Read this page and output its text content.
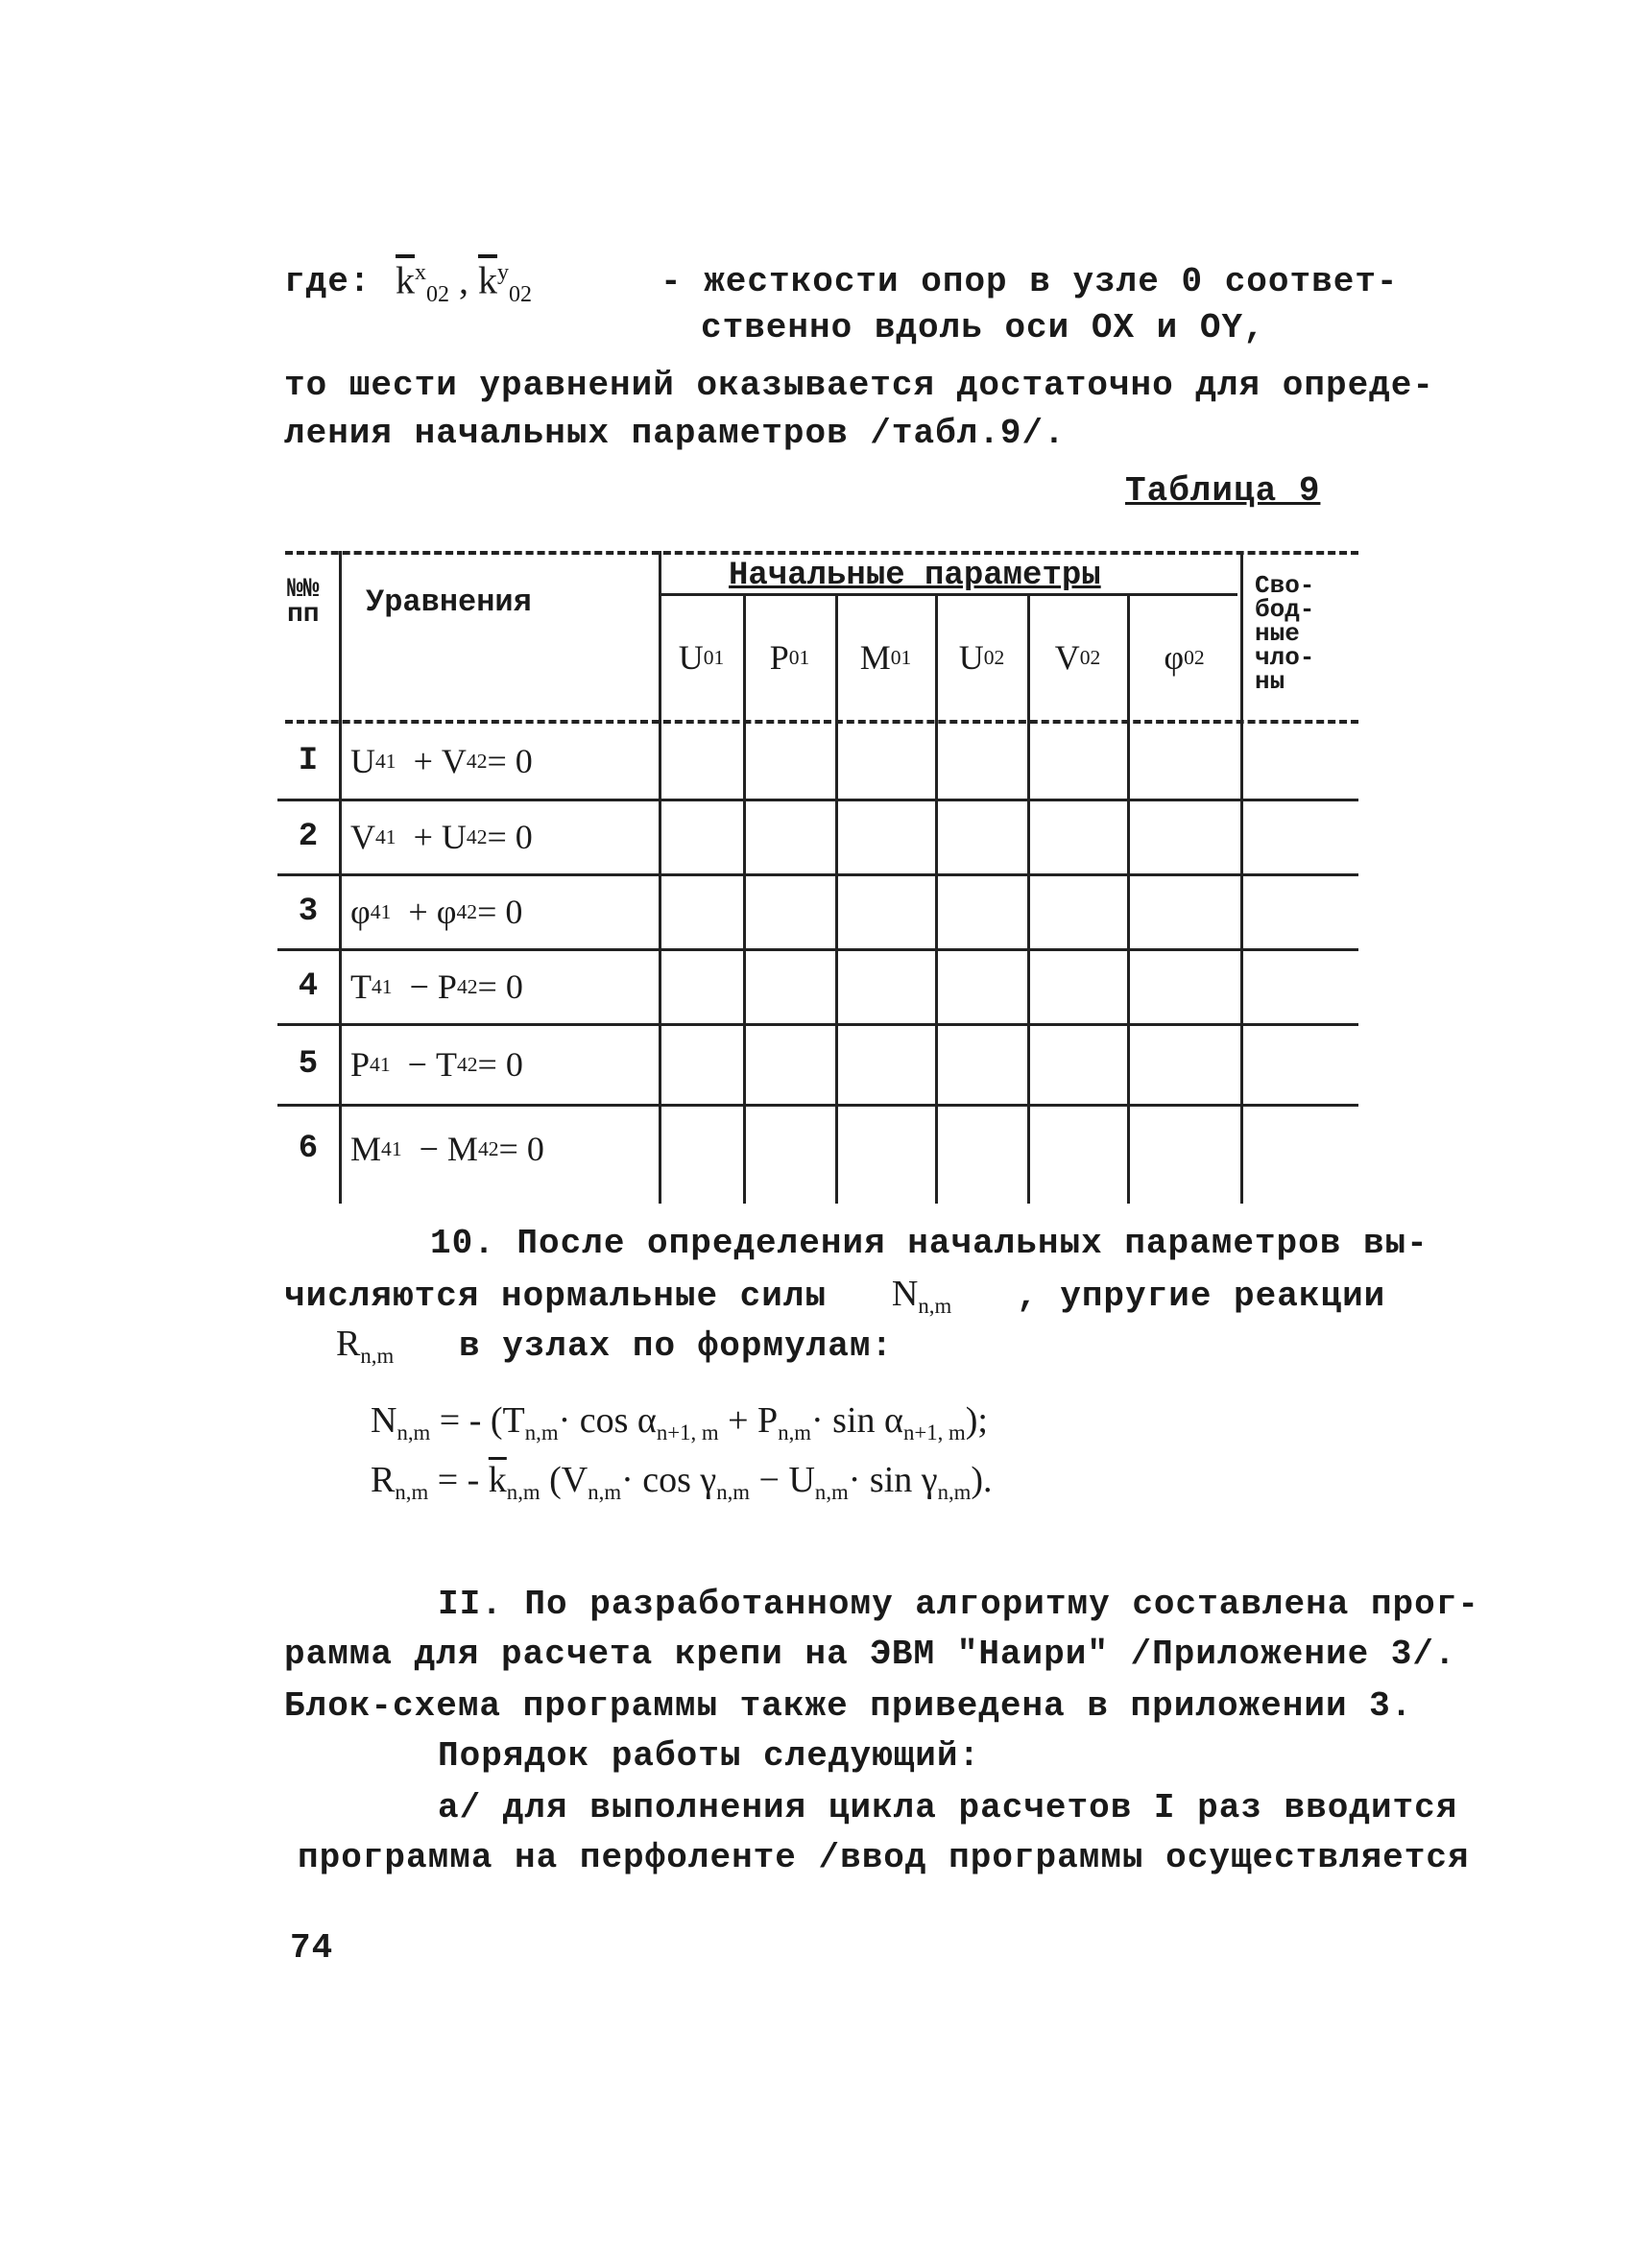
где: $\overline{k}^x_{02}$ , $\overline{k}^y_{02}$	- жесткости опор в узле 0 соответ-
ственно вдоль оси OX и OY,
то шести уравнений оказывается достаточно для опреде-
ления начальных параметров /табл.9/.
Таблица 9
№№
пп Уравнения
Начальные параметры
U 01 P 01 M 01 U 02 V 02 φ 02
Сво-
бод-
ные
чло-
ны
I U 41
+
V 42 = 0
2 V 41
+
U 42 = 0
3 φ 41
+
φ 42 = 0
4 T 41
−
P 42 = 0
5 P 41
−
T 42 = 0
6 M 41
−
M 42 = 0
10. После определения начальных параметров вы-
числяются нормальные силы $N_{n,m}$ , упругие реакции
$R_{n,m}$ в узлах по формулам:
$N_{n,m}$ = - $(T_{n,m}\cdot \cos \alpha_{n+1, m} + P_{n,m}\cdot \sin \alpha_{n+1, m})$;
$R_{n,m}$ = - $\overline{k}_{n,m}$ $(V_{n,m}\cdot \cos \gamma_{n,m} - U_{n,m}\cdot \sin \gamma_{n,m})$.
II. По разработанному алгоритму составлена прог-
рамма для расчета крепи на ЭВМ "Наири" /Приложение 3/.
Блок-схема программы также приведена в приложении 3.
Порядок работы следующий:
а/ для выполнения цикла расчетов I раз вводится
программа на перфоленте /ввод программы осуществляется
74
